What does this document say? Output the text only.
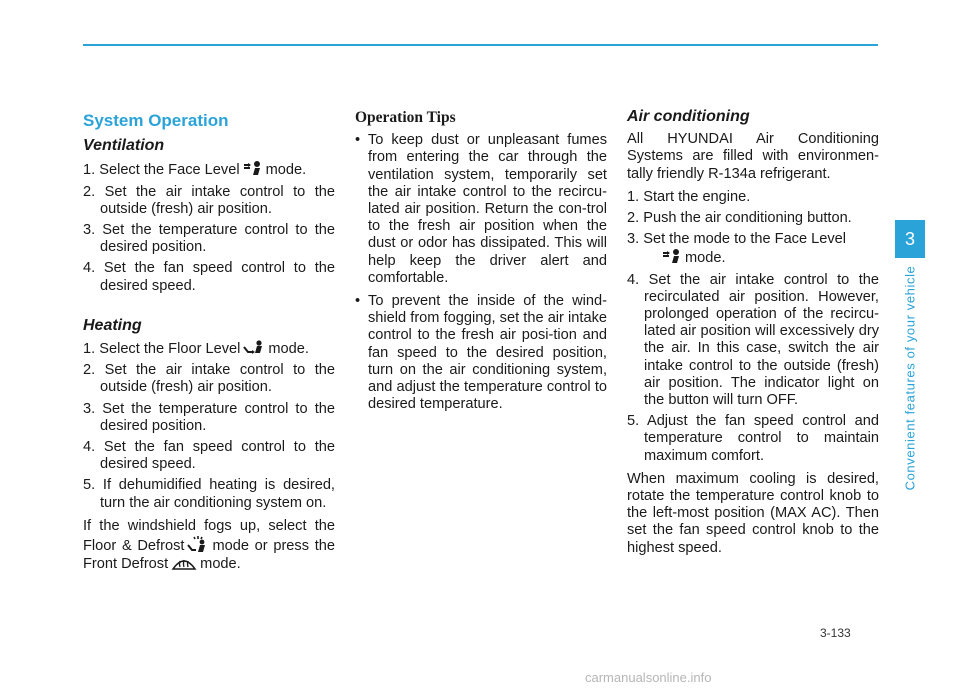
System Operation
Ventilation
1. Select the Face Level mode.
2. Set the air intake control to the outside (fresh) air position.
3. Set the temperature control to the desired position.
4. Set the fan speed control to the desired speed.
Heating
1. Select the Floor Level mode.
2. Set the air intake control to the outside (fresh) air position.
3. Set the temperature control to the desired position.
4. Set the fan speed control to the desired speed.
5. If dehumidified heating is desired, turn the air conditioning system on.

If the windshield fogs up, select the Floor & Defrost mode or press the Front Defrost mode.

Operation Tips
• To keep dust or unpleasant fumes from entering the car through the ventilation system, temporarily set the air intake control to the recircu-lated air position. Return the con-trol to the fresh air position when the dust or odor has dissipated. This will help keep the driver alert and comfortable.
• To prevent the inside of the wind-shield from fogging, set the air intake control to the fresh air posi-tion and fan speed to the desired position, turn on the air conditioning system, and adjust the temperature control to desired temperature.
Air conditioning

All HYUNDAI Air Conditioning Systems are filled with environmen-tally friendly R-134a refrigerant.

1. Start the engine.
2. Push the air conditioning button.
3. Set the mode to the Face Level

mode.
4. Set the air intake control to the recirculated air position. However, prolonged operation of the recircu-lated air position will excessively dry the air. In this case, switch the air intake control to the outside (fresh) air position. The indicator light on the button will turn OFF.
5. Adjust the fan speed control and temperature control to maintain maximum comfort.

When maximum cooling is desired, rotate the temperature control knob to the left-most position (MAX AC). Then set the fan speed control knob to the highest speed.

3
Convenient features of your vehicle
3-133
carmanualsonline.info
